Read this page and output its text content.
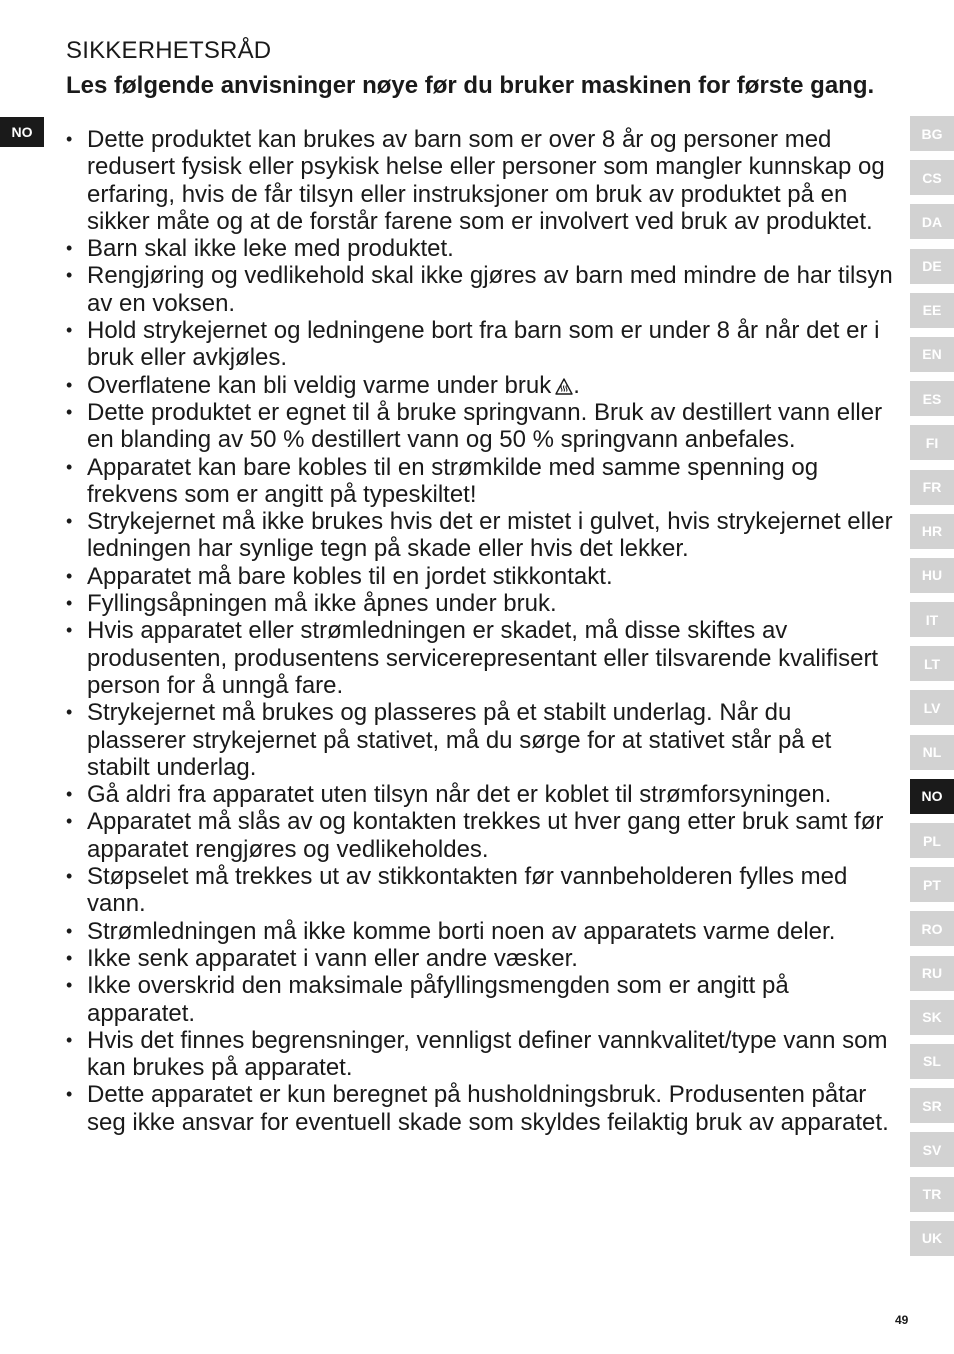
NO
SIKKERHETSRÅD

Les følgende anvisninger nøye før du bruker maskinen for første gang.

• Dette produktet kan brukes av barn som er over 8 år og personer med redusert fysisk eller psykisk helse eller personer som mangler kunnskap og erfaring, hvis de får tilsyn eller instruksjoner om bruk av produktet på en sikker måte og at de forstår farene som er involvert ved bruk av produktet.
• Barn skal ikke leke med produktet.
• Rengjøring og vedlikehold skal ikke gjøres av barn med mindre de har tilsyn av en voksen.
• Hold strykejernet og ledningene bort fra barn som er under 8 år når det er i bruk eller avkjøles.
• Overflatene kan bli veldig varme under bruk .
• Dette produktet er egnet til å bruke springvann. Bruk av destillert vann eller en blanding av 50 % destillert vann og 50 % springvann anbefales.
• Apparatet kan bare kobles til en strømkilde med samme spenning og frekvens som er angitt på typeskiltet!
• Strykejernet må ikke brukes hvis det er mistet i gulvet, hvis strykejernet eller ledningen har synlige tegn på skade eller hvis det lekker.
• Apparatet må bare kobles til en jordet stikkontakt.
• Fyllingsåpningen må ikke åpnes under bruk.
• Hvis apparatet eller strømledningen er skadet, må disse skiftes av produsenten, produsentens servicerepresentant eller tilsvarende kvalifisert person for å unngå fare.
• Strykejernet må brukes og plasseres på et stabilt underlag. Når du plasserer strykejernet på stativet, må du sørge for at stativet står på et stabilt underlag.
• Gå aldri fra apparatet uten tilsyn når det er koblet til strømforsyningen.
• Apparatet må slås av og kontakten trekkes ut hver gang etter bruk samt før apparatet rengjøres og vedlikeholdes.
• Støpselet må trekkes ut av stikkontakten før vannbeholderen fylles med vann.
• Strømledningen må ikke komme borti noen av apparatets varme deler.
• Ikke senk apparatet i vann eller andre væsker.
• Ikke overskrid den maksimale påfyllingsmengden som er angitt på apparatet.
• Hvis det finnes begrensninger, vennligst definer vannkvalitet/type vann som kan brukes på apparatet.
• Dette apparatet er kun beregnet på husholdningsbruk. Produsenten påtar seg ikke ansvar for eventuell skade som skyldes feilaktig bruk av apparatet.
BG
CS
DA
DE
EE
EN
ES
FI
FR
HR
HU
IT
LT
LV
NL
NO
PL
PT
RO
RU
SK
SL
SR
SV
TR
UK
49
